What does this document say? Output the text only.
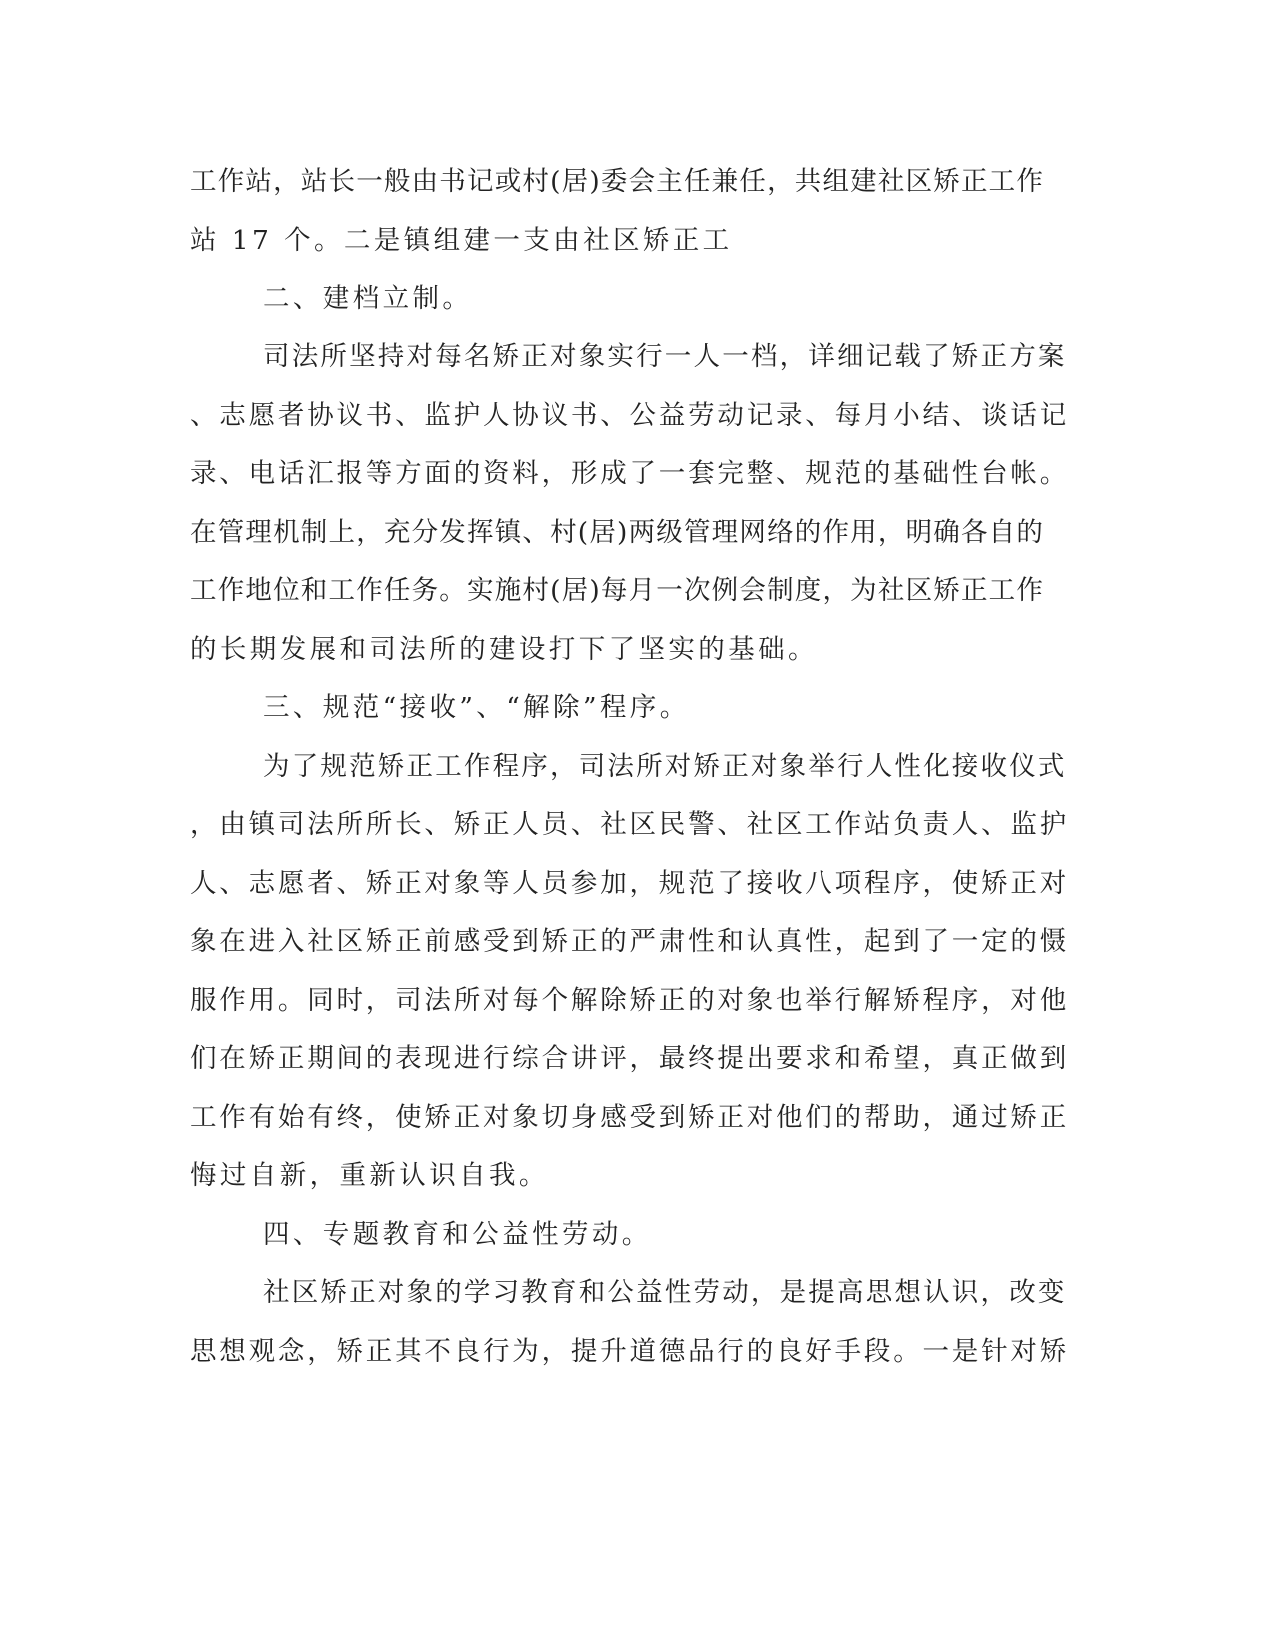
工作站，站长一般由书记或村(居)委会主任兼任，共组建社区矫正工作
站 17 个。二是镇组建一支由社区矫正工
二、建档立制。
司法所坚持对每名矫正对象实行一人一档，详细记载了矫正方案
、志愿者协议书、监护人协议书、公益劳动记录、每月小结、谈话记
录、电话汇报等方面的资料，形成了一套完整、规范的基础性台帐。
在管理机制上，充分发挥镇、村(居)两级管理网络的作用，明确各自的
工作地位和工作任务。实施村(居)每月一次例会制度，为社区矫正工作
的长期发展和司法所的建设打下了坚实的基础。
三、规范“接收”、“解除”程序。
为了规范矫正工作程序，司法所对矫正对象举行人性化接收仪式
，由镇司法所所长、矫正人员、社区民警、社区工作站负责人、监护
人、志愿者、矫正对象等人员参加，规范了接收八项程序，使矫正对
象在进入社区矫正前感受到矫正的严肃性和认真性，起到了一定的慑
服作用。同时，司法所对每个解除矫正的对象也举行解矫程序，对他
们在矫正期间的表现进行综合讲评，最终提出要求和希望，真正做到
工作有始有终，使矫正对象切身感受到矫正对他们的帮助，通过矫正
悔过自新，重新认识自我。
四、专题教育和公益性劳动。
社区矫正对象的学习教育和公益性劳动，是提高思想认识，改变
思想观念，矫正其不良行为，提升道德品行的良好手段。一是针对矫
